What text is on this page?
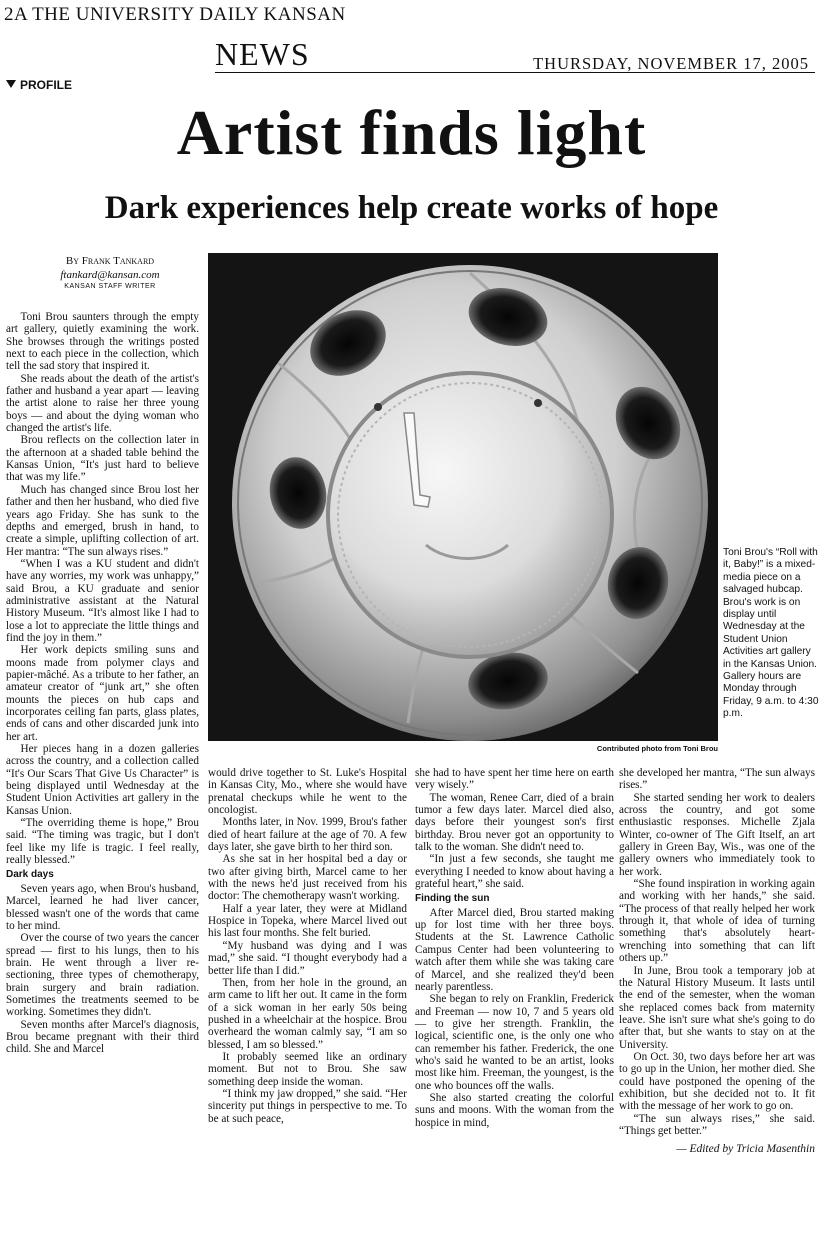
2A THE UNIVERSITY DAILY KANSAN
NEWS	THURSDAY, NOVEMBER 17, 2005
PROFILE
Artist finds light
Dark experiences help create works of hope
By Frank Tankard
ftankard@kansan.com
KANSAN STAFF WRITER

Toni Brou saunters through the empty art gallery, quietly examining the work. She browses through the writings posted next to each piece in the collection, which tell the sad story that inspired it.

She reads about the death of the artist's father and husband a year apart — leaving the artist alone to raise her three young boys — and about the dying woman who changed the artist's life.

Brou reflects on the collection later in the afternoon at a shaded table behind the Kansas Union, “It's just hard to believe that was my life.”

Much has changed since Brou lost her father and then her husband, who died five years ago Friday. She has sunk to the depths and emerged, brush in hand, to create a simple, uplifting collection of art. Her mantra: “The sun always rises.”

“When I was a KU student and didn't have any worries, my work was unhappy,” said Brou, a KU graduate and senior administrative assistant at the Natural History Museum. “It's almost like I had to lose a lot to appreciate the little things and find the joy in them.”

Her work depicts smiling suns and moons made from polymer clays and papier-mâché. As a tribute to her father, an amateur creator of “junk art,” she often mounts the pieces on hub caps and incorporates ceiling fan parts, glass plates, ends of cans and other discarded junk into her art.

Her pieces hang in a dozen galleries across the country, and a collection called “It's Our Scars That Give Us Character” is being displayed until Wednesday at the Student Union Activities art gallery in the Kansas Union.

“The overriding theme is hope,” Brou said. “The timing was tragic, but I don't feel like my life is tragic. I feel really, really blessed.”

Dark days

Seven years ago, when Brou's husband, Marcel, learned he had liver cancer, blessed wasn't one of the words that came to her mind.

Over the course of two years the cancer spread — first to his lungs, then to his brain. He went through a liver re-sectioning, three types of chemotherapy, brain surgery and brain radiation. Sometimes the treatments seemed to be working. Sometimes they didn't.

Seven months after Marcel's diagnosis, Brou became pregnant with their third child. She and Marcel

Contributed photo from Toni Brou
Toni Brou's “Roll with it, Baby!” is a mixed-media piece on a salvaged hubcap. Brou's work is on display until Wednesday at the Student Union Activities art gallery in the Kansas Union. Gallery hours are Monday through Friday, 9 a.m. to 4:30 p.m.

would drive together to St. Luke's Hospital in Kansas City, Mo., where she would have prenatal checkups while he went to the oncologist.

Months later, in Nov. 1999, Brou's father died of heart failure at the age of 70. A few days later, she gave birth to her third son.

As she sat in her hospital bed a day or two after giving birth, Marcel came to her with the news he'd just received from his doctor: The chemotherapy wasn't working.

Half a year later, they were at Midland Hospice in Topeka, where Marcel lived out his last four months. She felt buried.

“My husband was dying and I was mad,” she said. “I thought everybody had a better life than I did.”

Then, from her hole in the ground, an arm came to lift her out. It came in the form of a sick woman in her early 50s being pushed in a wheelchair at the hospice. Brou overheard the woman calmly say, “I am so blessed, I am so blessed.”

It probably seemed like an ordinary moment. But not to Brou. She saw something deep inside the woman.

“I think my jaw dropped,” she said. “Her sincerity put things in perspective to me. To be at such peace,

she had to have spent her time here on earth very wisely.”

The woman, Renee Carr, died of a brain tumor a few days later. Marcel died also, days before their youngest son's first birthday. Brou never got an opportunity to talk to the woman. She didn't need to.

“In just a few seconds, she taught me everything I needed to know about having a grateful heart,” she said.

Finding the sun

After Marcel died, Brou started making up for lost time with her three boys. Students at the St. Lawrence Catholic Campus Center had been volunteering to watch after them while she was taking care of Marcel, and she realized they'd been nearly parentless.

She began to rely on Franklin, Frederick and Freeman — now 10, 7 and 5 years old — to give her strength. Franklin, the logical, scientific one, is the only one who can remember his father. Frederick, the one who's said he wanted to be an artist, looks most like him. Freeman, the youngest, is the one who bounces off the walls.

She also started creating the colorful suns and moons. With the woman from the hospice in mind,

she developed her mantra, “The sun always rises.”

She started sending her work to dealers across the country, and got some enthusiastic responses. Michelle Zjala Winter, co-owner of The Gift Itself, an art gallery in Green Bay, Wis., was one of the gallery owners who immediately took to her work.

“She found inspiration in working again and working with her hands,” she said. “The process of that really helped her work through it, that whole of idea of turning something that's absolutely heart-wrenching into something that can lift others up.”

In June, Brou took a temporary job at the Natural History Museum. It lasts until the end of the semester, when the woman she replaced comes back from maternity leave. She isn't sure what she's going to do after that, but she wants to stay on at the University.

On Oct. 30, two days before her art was to go up in the Union, her mother died. She could have postponed the opening of the exhibition, but she decided not to. It fit with the message of her work to go on.

“The sun always rises,” she said. “Things get better.”

— Edited by Tricia Masenthin
